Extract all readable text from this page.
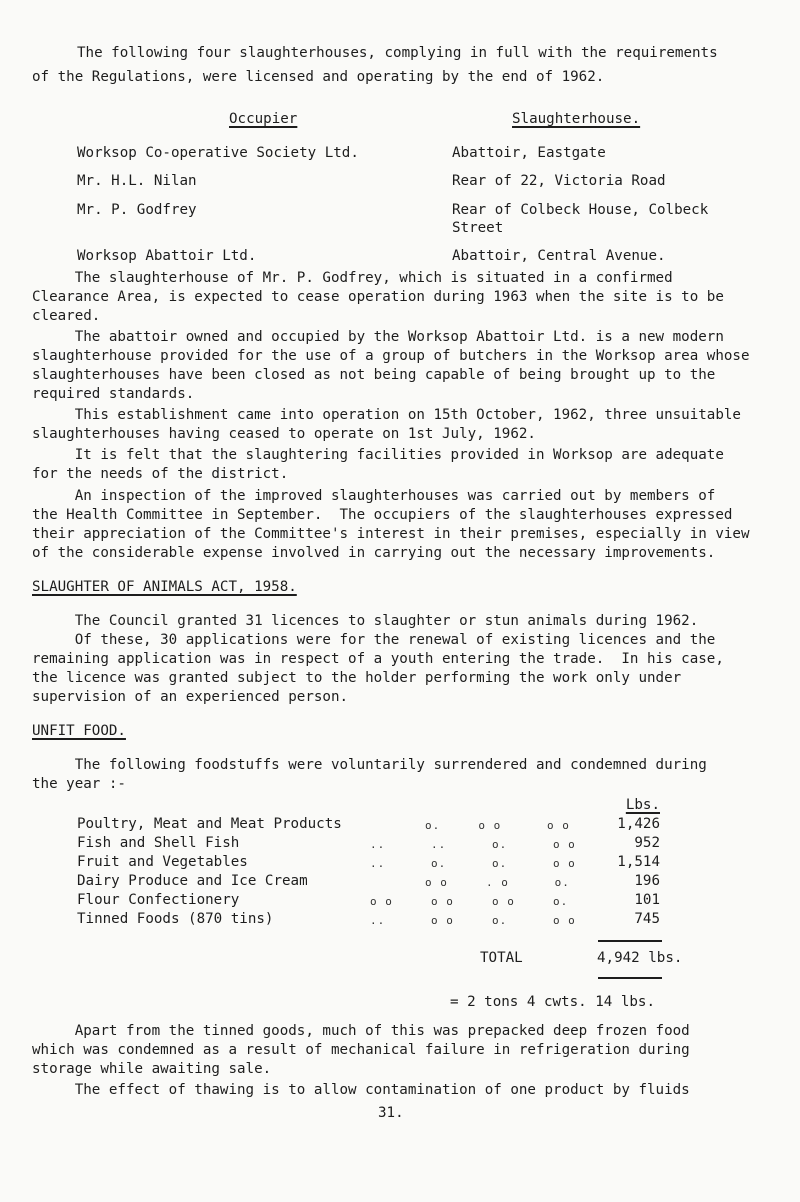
The following four slaughterhouses, complying in full with the requirements
of the Regulations, were licensed and operating by the end of 1962.
Occupier	Slaughterhouse.
Worksop Co-operative Society Ltd.	Abattoir, Eastgate
Mr. H.L. Nilan	Rear of 22, Victoria Road
Mr. P. Godfrey	Rear of Colbeck House, Colbeck
Street
Worksop Abattoir Ltd.	Abattoir, Central Avenue.
The slaughterhouse of Mr. P. Godfrey, which is situated in a confirmed
Clearance Area, is expected to cease operation during 1963 when the site is to be
cleared.
The abattoir owned and occupied by the Worksop Abattoir Ltd. is a new modern
slaughterhouse provided for the use of a group of butchers in the Worksop area whose
slaughterhouses have been closed as not being capable of being brought up to the
required standards.
This establishment came into operation on 15th October, 1962, three unsuitable
slaughterhouses having ceased to operate on 1st July, 1962.
It is felt that the slaughtering facilities provided in Worksop are adequate
for the needs of the district.
An inspection of the improved slaughterhouses was carried out by members of
the Health Committee in September.  The occupiers of the slaughterhouses expressed
their appreciation of the Committee's interest in their premises, especially in view
of the considerable expense involved in carrying out the necessary improvements.
SLAUGHTER OF ANIMALS ACT, 1958.
The Council granted 31 licences to slaughter or stun animals during 1962.
Of these, 30 applications were for the renewal of existing licences and the
remaining application was in respect of a youth entering the trade.  In his case,
the licence was granted subject to the holder performing the work only under
supervision of an experienced person.
UNFIT FOOD.
The following foodstuffs were voluntarily surrendered and condemned during
the year :-
Lbs.
Poultry, Meat and Meat Products	o.     o o      o o	1,426
Fish and Shell Fish	..      ..      o.      o o	952
Fruit and Vegetables	..      o.      o.      o o	1,514
Dairy Produce and Ice Cream	o o     . o      o.	196
Flour Confectionery	o o     o o     o o     o.	101
Tinned Foods (870 tins)	..      o o     o.      o o	745
TOTAL	4,942 lbs.
= 2 tons 4 cwts. 14 lbs.
Apart from the tinned goods, much of this was prepacked deep frozen food
which was condemned as a result of mechanical failure in refrigeration during
storage while awaiting sale.
The effect of thawing is to allow contamination of one product by fluids
31.
